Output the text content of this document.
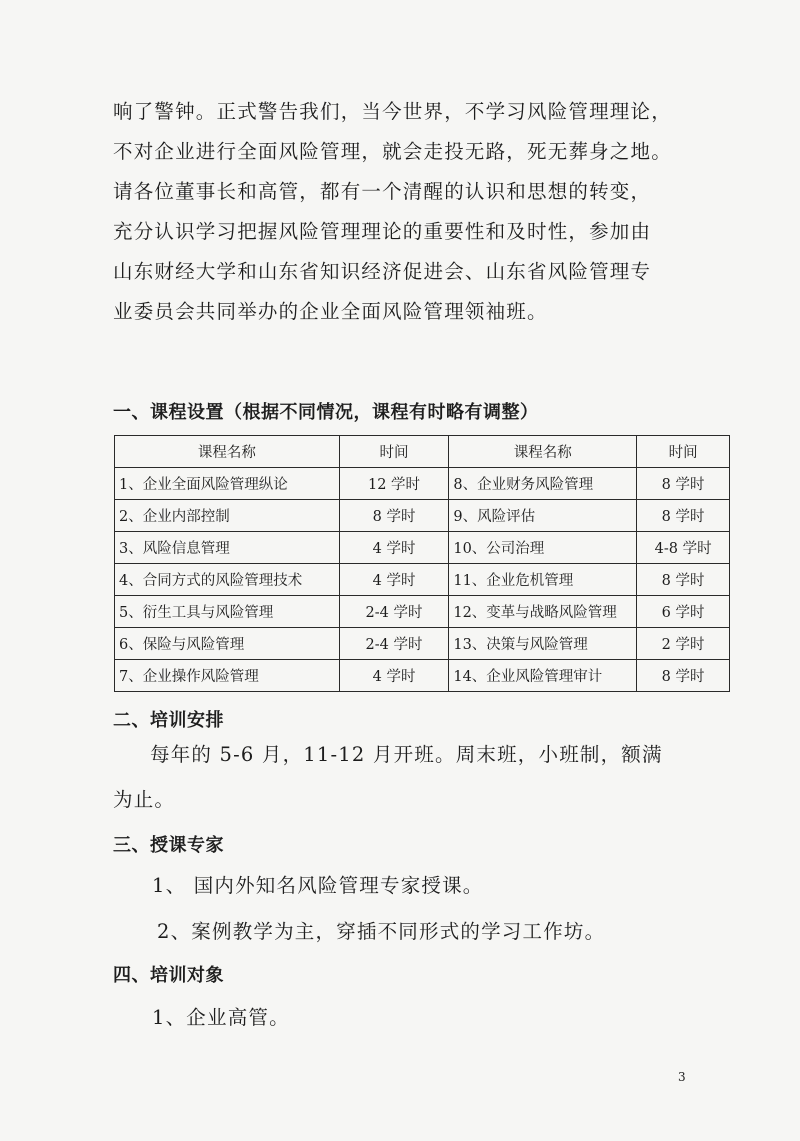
响了警钟。正式警告我们，当今世界，不学习风险管理理论，
不对企业进行全面风险管理，就会走投无路，死无葬身之地。
请各位董事长和高管，都有一个清醒的认识和思想的转变，
充分认识学习把握风险管理理论的重要性和及时性，参加由
山东财经大学和山东省知识经济促进会、山东省风险管理专
业委员会共同举办的企业全面风险管理领袖班。
一、课程设置（根据不同情况，课程有时略有调整）
课程名称	时间	课程名称	时间
1、企业全面风险管理纵论	12 学时	8、企业财务风险管理	8 学时
2、企业内部控制	8 学时	9、风险评估	8 学时
3、风险信息管理	4 学时	10、公司治理	4-8 学时
4、合同方式的风险管理技术	4 学时	11、企业危机管理	8 学时
5、衍生工具与风险管理	2-4 学时	12、变革与战略风险管理	6 学时
6、保险与风险管理	2-4 学时	13、决策与风险管理	2 学时
7、企业操作风险管理	4 学时	14、企业风险管理审计	8 学时
二、培训安排
每年的 5-6 月，11-12 月开班。周末班，小班制，额满
为止。
三、授课专家
1、 国内外知名风险管理专家授课。
2、案例教学为主，穿插不同形式的学习工作坊。
四、培训对象
1、企业高管。
3
